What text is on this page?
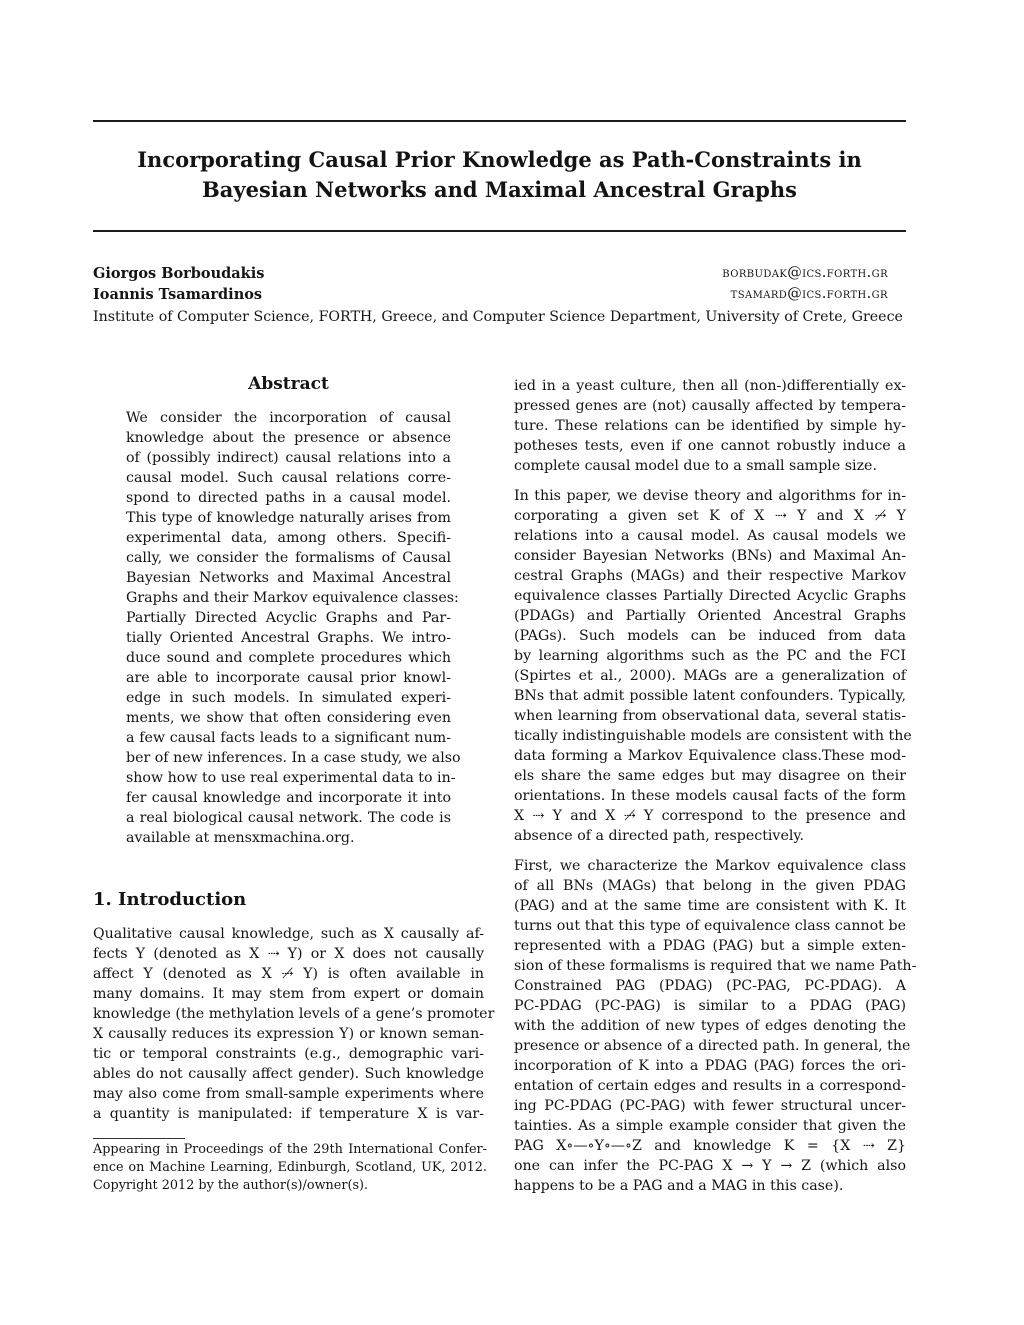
Incorporating Causal Prior Knowledge as Path-Constraints in
Bayesian Networks and Maximal Ancestral Graphs
Giorgos Borboudakis	borbudak@ics.forth.gr
Ioannis Tsamardinos	tsamard@ics.forth.gr
Institute of Computer Science, FORTH, Greece, and Computer Science Department, University of Crete, Greece
Abstract
We consider the incorporation of causal
knowledge about the presence or absence
of (possibly indirect) causal relations into a
causal model. Such causal relations corre-
spond to directed paths in a causal model.
This type of knowledge naturally arises from
experimental data, among others. Specifi-
cally, we consider the formalisms of Causal
Bayesian Networks and Maximal Ancestral
Graphs and their Markov equivalence classes:
Partially Directed Acyclic Graphs and Par-
tially Oriented Ancestral Graphs. We intro-
duce sound and complete procedures which
are able to incorporate causal prior knowl-
edge in such models. In simulated experi-
ments, we show that often considering even
a few causal facts leads to a significant num-
ber of new inferences. In a case study, we also
show how to use real experimental data to in-
fer causal knowledge and incorporate it into
a real biological causal network. The code is
available at mensxmachina.org.
1. Introduction
Qualitative causal knowledge, such as X causally af-
fects Y (denoted as X ⇢ Y) or X does not causally
affect Y (denoted as X ⇢̸ Y) is often available in
many domains. It may stem from expert or domain
knowledge (the methylation levels of a gene’s promoter
X causally reduces its expression Y) or known seman-
tic or temporal constraints (e.g., demographic vari-
ables do not causally affect gender). Such knowledge
may also come from small-sample experiments where
a quantity is manipulated: if temperature X is var-
Appearing in Proceedings of the 29th International Confer-
ence on Machine Learning, Edinburgh, Scotland, UK, 2012.
Copyright 2012 by the author(s)/owner(s).
ied in a yeast culture, then all (non-)differentially ex-
pressed genes are (not) causally affected by tempera-
ture. These relations can be identified by simple hy-
potheses tests, even if one cannot robustly induce a
complete causal model due to a small sample size.
In this paper, we devise theory and algorithms for in-
corporating a given set K of X ⇢ Y and X ⇢̸ Y
relations into a causal model. As causal models we
consider Bayesian Networks (BNs) and Maximal An-
cestral Graphs (MAGs) and their respective Markov
equivalence classes Partially Directed Acyclic Graphs
(PDAGs) and Partially Oriented Ancestral Graphs
(PAGs). Such models can be induced from data
by learning algorithms such as the PC and the FCI
(Spirtes et al., 2000). MAGs are a generalization of
BNs that admit possible latent confounders. Typically,
when learning from observational data, several statis-
tically indistinguishable models are consistent with the
data forming a Markov Equivalence class.These mod-
els share the same edges but may disagree on their
orientations. In these models causal facts of the form
X ⇢ Y and X ⇢̸ Y correspond to the presence and
absence of a directed path, respectively.
First, we characterize the Markov equivalence class
of all BNs (MAGs) that belong in the given PDAG
(PAG) and at the same time are consistent with K. It
turns out that this type of equivalence class cannot be
represented with a PDAG (PAG) but a simple exten-
sion of these formalisms is required that we name Path-
Constrained PAG (PDAG) (PC-PAG, PC-PDAG). A
PC-PDAG (PC-PAG) is similar to a PDAG (PAG)
with the addition of new types of edges denoting the
presence or absence of a directed path. In general, the
incorporation of K into a PDAG (PAG) forces the ori-
entation of certain edges and results in a correspond-
ing PC-PDAG (PC-PAG) with fewer structural uncer-
tainties. As a simple example consider that given the
PAG X∘—∘Y∘—∘Z and knowledge K = {X ⇢ Z}
one can infer the PC-PAG X → Y → Z (which also
happens to be a PAG and a MAG in this case).
